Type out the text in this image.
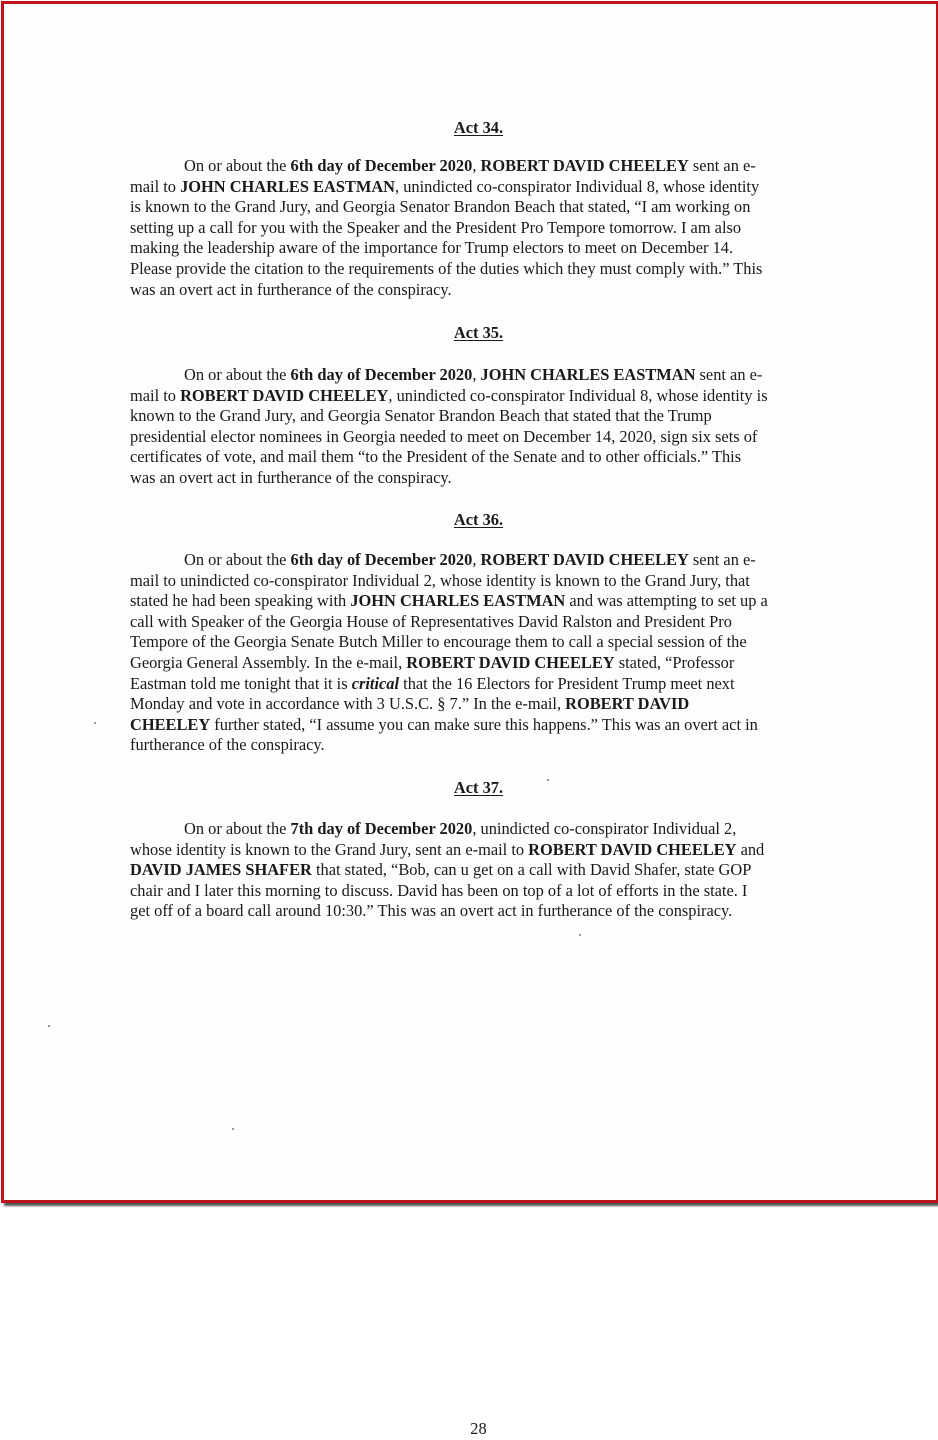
Act 34.
On or about the 6th day of December 2020, ROBERT DAVID CHEELEY sent an e-
mail to JOHN CHARLES EASTMAN, unindicted co-conspirator Individual 8, whose identity
is known to the Grand Jury, and Georgia Senator Brandon Beach that stated, “I am working on
setting up a call for you with the Speaker and the President Pro Tempore tomorrow. I am also
making the leadership aware of the importance for Trump electors to meet on December 14.
Please provide the citation to the requirements of the duties which they must comply with.” This
was an overt act in furtherance of the conspiracy.
Act 35.
On or about the 6th day of December 2020, JOHN CHARLES EASTMAN sent an e-
mail to ROBERT DAVID CHEELEY, unindicted co-conspirator Individual 8, whose identity is
known to the Grand Jury, and Georgia Senator Brandon Beach that stated that the Trump
presidential elector nominees in Georgia needed to meet on December 14, 2020, sign six sets of
certificates of vote, and mail them “to the President of the Senate and to other officials.” This
was an overt act in furtherance of the conspiracy.
Act 36.
On or about the 6th day of December 2020, ROBERT DAVID CHEELEY sent an e-
mail to unindicted co-conspirator Individual 2, whose identity is known to the Grand Jury, that
stated he had been speaking with JOHN CHARLES EASTMAN and was attempting to set up a
call with Speaker of the Georgia House of Representatives David Ralston and President Pro
Tempore of the Georgia Senate Butch Miller to encourage them to call a special session of the
Georgia General Assembly. In the e-mail, ROBERT DAVID CHEELEY stated, “Professor
Eastman told me tonight that it is critical that the 16 Electors for President Trump meet next
Monday and vote in accordance with 3 U.S.C. § 7.” In the e-mail, ROBERT DAVID
CHEELEY further stated, “I assume you can make sure this happens.” This was an overt act in
furtherance of the conspiracy.
Act 37.
On or about the 7th day of December 2020, unindicted co-conspirator Individual 2,
whose identity is known to the Grand Jury, sent an e-mail to ROBERT DAVID CHEELEY and
DAVID JAMES SHAFER that stated, “Bob, can u get on a call with David Shafer, state GOP
chair and I later this morning to discuss. David has been on top of a lot of efforts in the state. I
get off of a board call around 10:30.” This was an overt act in furtherance of the conspiracy.
28
